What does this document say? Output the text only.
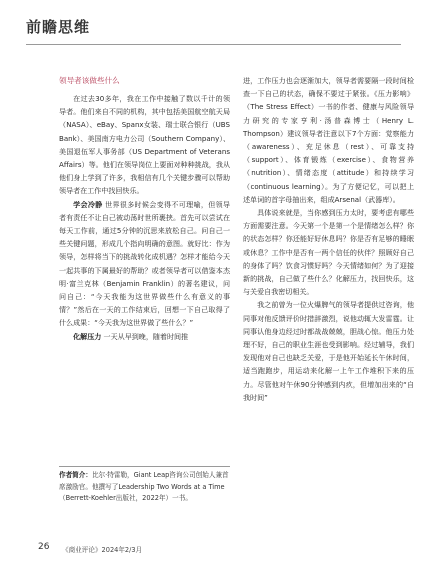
前瞻思维
领导者该做些什么

在过去30多年，我在工作中接触了数以千计的领导者。他们来自不同的机构，其中包括美国航空航天局（NASA）、eBay、Spanx女装、瑞士联合银行（UBS Bank）、美国南方电力公司（Southern Company）、美国退伍军人事务部（US Department of Veterans Affairs）等。他们在领导岗位上要面对种种挑战，我从他们身上学到了许多，我相信有几个关键步骤可以帮助领导者在工作中找回快乐。

学会冷静 世界很多时候会变得不可理喻，但领导者有责任不让自己被动荡时世所裹挟。首先可以尝试在每天工作前，通过5分钟的沉思来放松自己。问自己一些关键问题，形成几个指向明确的意图。就好比：作为领导，怎样将当下的挑战转化成机遇？怎样才能给今天一起共事的下属最好的帮助？或者领导者可以借鉴本杰明·富兰克林（Benjamin Franklin）的著名建议，问问自己：“今天我能为这世界做些什么有意义的事情？”然后在一天的工作结束后，回想一下自己取得了什么成果：“今天我为这世界做了些什么？”

化解压力 一天从早到晚，随着时间推

作者简介：比尔·特雷勒，Giant Leap咨询公司创始人兼首席激励官。他撰写了Leadership Two Words at a Time（Berrett-Koehler出版社，2022年）一书。

进，工作压力也会逐渐加大，领导者需要隔一段时间检查一下自己的状态，确保不要过于紧张。《压力影响》（The Stress Effect）一书的作者、健康与风险领导力研究的专家亨利·汤普森博士（Henry L. Thompson）建议领导者注意以下7个方面：觉察能力（awareness）、充足休息（rest）、可靠支持（support）、体育锻炼（exercise）、食物营养（nutrition）、情绪态度（attitude）和持续学习（continuous learning）。为了方便记忆，可以把上述单词的首字母抽出来，组成Arsenal（武器库）。

具体说来就是，当你感到压力太时，要考虑有哪些方面需要注意。今天第一个是第一个是情绪怎么样？你的状态怎样？你还能好好休息吗？你是否有足够的睡眠或休息？工作中是否有一两个信任的伙伴？照顾好自己的身体了吗？饮食习惯好吗？今天情绪如何？为了迎接新的挑战，自己做了些什么？化解压力，找回快乐，这与关爱自我密切相关。

我之前曾为一位火爆脾气的领导者提供过咨询，他同事对他反馈评价时措辞激烈，说他动辄大发雷霆。让同事认他身边经过时都战战兢兢，胆战心惊。他压力处理不好，自己的职业生涯也受到影响。经过辅导，我们发现他对自己也缺乏关爱，于是他开始延长午休时间，适当跑跑步，用运动来化解一上午工作堆积下来的压力。尽管他对午休90分钟感到内疚，但增加出来的“自我时间”

26 《商业评论》2024年2/3月
